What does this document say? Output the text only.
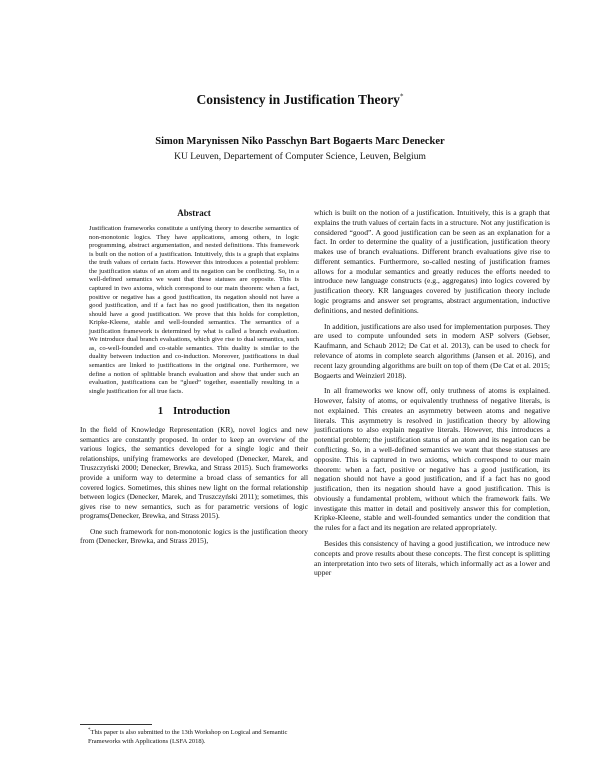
Consistency in Justification Theory*
Simon Marynissen Niko Passchyn Bart Bogaerts Marc Denecker
KU Leuven, Departement of Computer Science, Leuven, Belgium
Abstract

Justification frameworks constitute a unifying theory to describe semantics of non-monotonic logics. They have applications, among others, in logic programming, abstract argumentation, and nested definitions. This framework is built on the notion of a justification. Intuitively, this is a graph that explains the truth values of certain facts. However this introduces a potential problem: the justification status of an atom and its negation can be conflicting. So, in a well-defined semantics we want that these statuses are opposite. This is captured in two axioms, which correspond to our main theorem: when a fact, positive or negative has a good justification, its negation should not have a good justification, and if a fact has no good justification, then its negation should have a good justification. We prove that this holds for completion, Kripke-Kleene, stable and well-founded semantics. The semantics of a justification framework is determined by what is called a branch evaluation. We introduce dual branch evaluations, which give rise to dual semantics, such as, co-well-founded and co-stable semantics. This duality is similar to the duality between induction and co-induction. Moreover, justifications in dual semantics are linked to justifications in the original one. Furthermore, we define a notion of splittable branch evaluation and show that under such an evaluation, justifications can be “glued” together, essentially resulting in a single justification for all true facts.

1 Introduction

In the field of Knowledge Representation (KR), novel logics and new semantics are constantly proposed. In order to keep an overview of the various logics, the semantics developed for a single logic and their relationships, unifying frameworks are developed (Denecker, Marek, and Truszczyński 2000; Denecker, Brewka, and Strass 2015). Such frameworks provide a uniform way to determine a broad class of semantics for all covered logics. Sometimes, this shines new light on the formal relationship between logics (Denecker, Marek, and Truszczyński 2011); sometimes, this gives rise to new semantics, such as for parametric versions of logic programs(Denecker, Brewka, and Strass 2015).

One such framework for non-monotonic logics is the justification theory from (Denecker, Brewka, and Strass 2015),

which is built on the notion of a justification. Intuitively, this is a graph that explains the truth values of certain facts in a structure. Not any justification is considered “good”. A good justification can be seen as an explanation for a fact. In order to determine the quality of a justification, justification theory makes use of branch evaluations. Different branch evaluations give rise to different semantics. Furthermore, so-called nesting of justification frames allows for a modular semantics and greatly reduces the efforts needed to introduce new language constructs (e.g., aggregates) into logics covered by justification theory. KR languages covered by justification theory include logic programs and answer set programs, abstract argumentation, inductive definitions, and nested definitions.

In addition, justifications are also used for implementation purposes. They are used to compute unfounded sets in modern ASP solvers (Gebser, Kaufmann, and Schaub 2012; De Cat et al. 2013), can be used to check for relevance of atoms in complete search algorithms (Jansen et al. 2016), and recent lazy grounding algorithms are built on top of them (De Cat et al. 2015; Bogaerts and Weinzierl 2018).

In all frameworks we know off, only truthness of atoms is explained. However, falsity of atoms, or equivalently truthness of negative literals, is not explained. This creates an asymmetry between atoms and negative literals. This asymmetry is resolved in justification theory by allowing justifications to also explain negative literals. However, this introduces a potential problem; the justification status of an atom and its negation can be conflicting. So, in a well-defined semantics we want that these statuses are opposite. This is captured in two axioms, which correspond to our main theorem: when a fact, positive or negative has a good justification, its negation should not have a good justification, and if a fact has no good justification, then its negation should have a good justification. This is obviously a fundamental problem, without which the framework fails. We investigate this matter in detail and positively answer this for completion, Kripke-Kleene, stable and well-founded semantics under the condition that the rules for a fact and its negation are related appropriately.

Besides this consistency of having a good justification, we introduce new concepts and prove results about these concepts. The first concept is splitting an interpretation into two sets of literals, which informally act as a lower and upper

*This paper is also submitted to the 13th Workshop on Logical and Semantic Frameworks with Applications (LSFA 2018).
